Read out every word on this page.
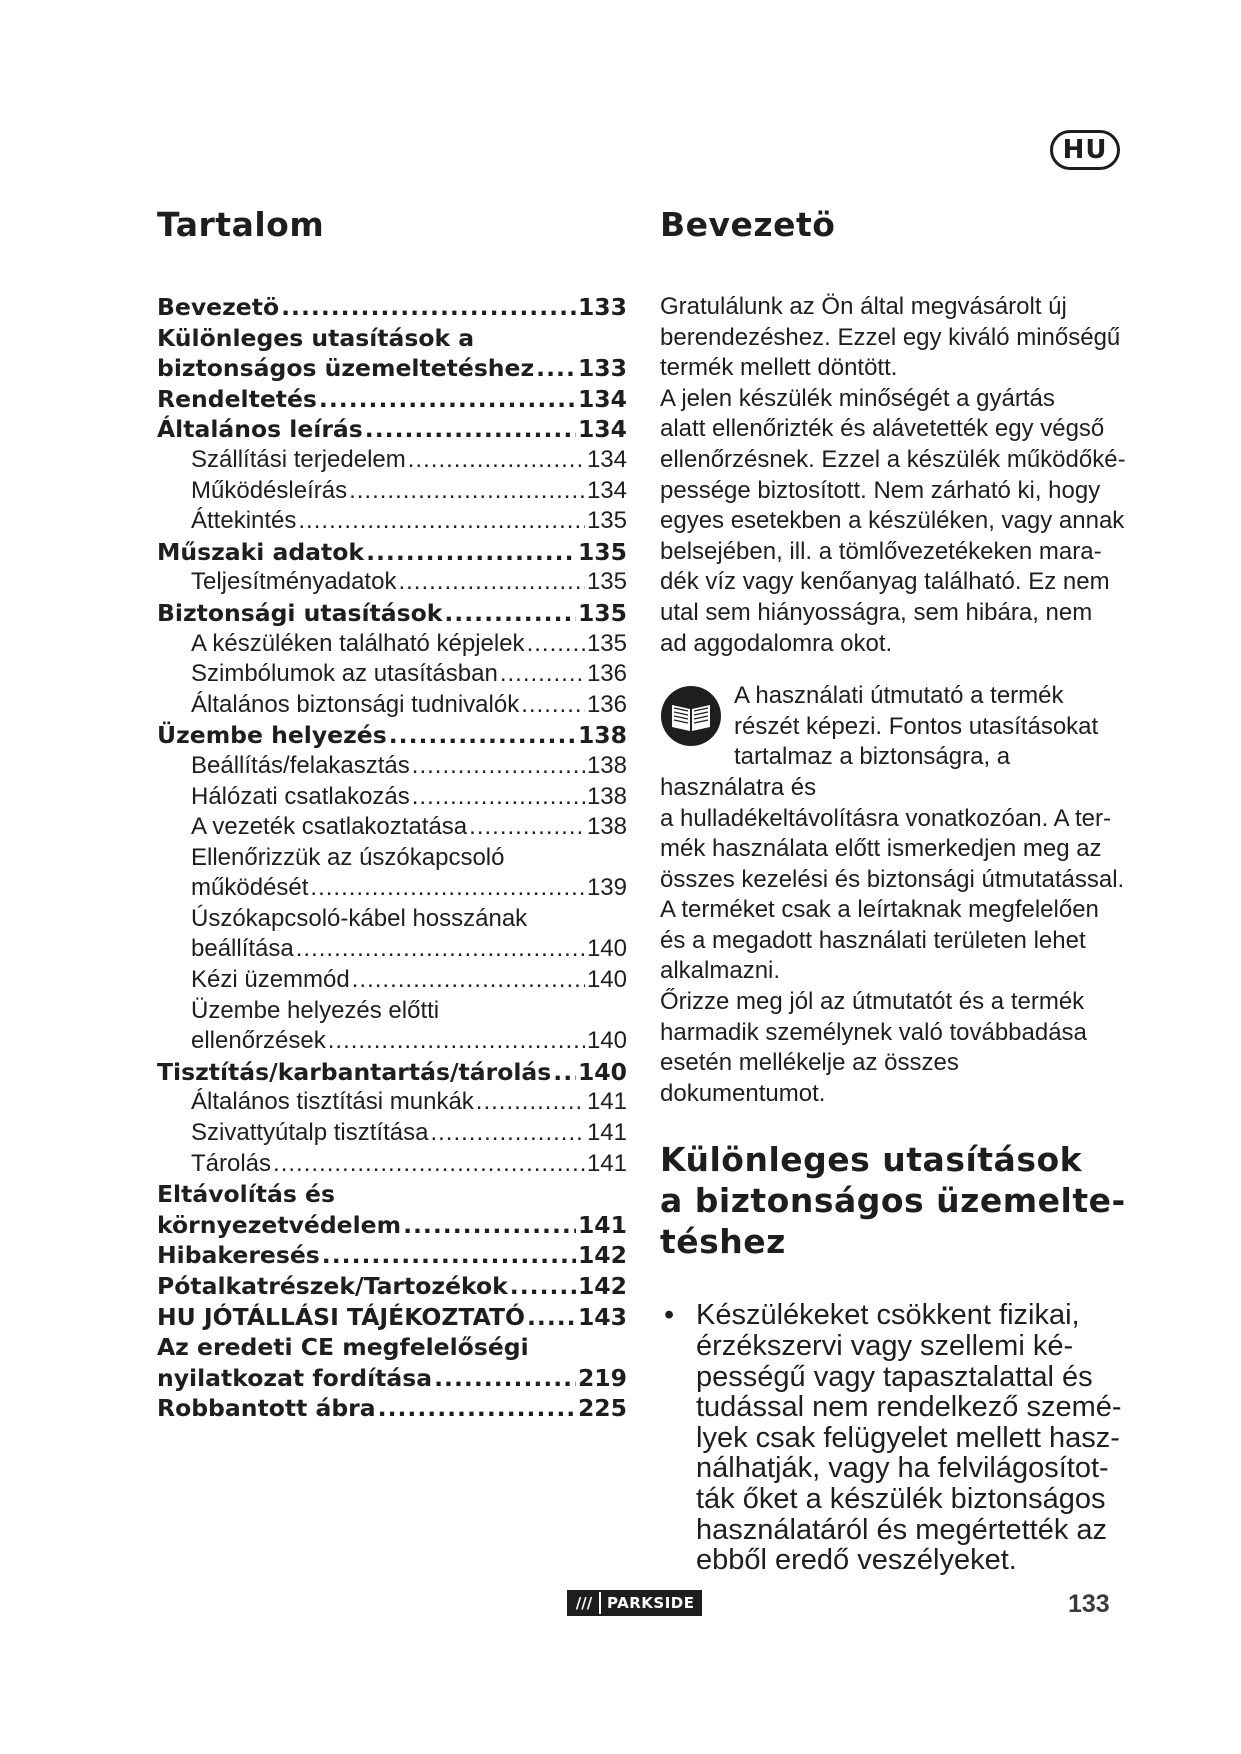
HU
Tartalom
Bevezetö .....	133
Különleges utasítások a
biztonságos üzemeltetéshez ..... 133
Rendeltetés .....	134
Általános leírás .....	134
Szállítási terjedelem .....	134
Működésleírás .....	134
Áttekintés .....	135
Műszaki adatok .....	135
Teljesítményadatok .....	135
Biztonsági utasítások .....	135
A készüléken található képjelek .....	135
Szimbólumok az utasításban .....	136
Általános biztonsági tudnivalók .....	136
Üzembe helyezés .....	138
Beállítás/felakasztás .....	138
Hálózati csatlakozás .....	138
A vezeték csatlakoztatása .....	138
Ellenőrizzük az úszókapcsoló
működését .....	139
Úszókapcsoló-kábel hosszának
beállítása .....	140
Kézi üzemmód .....	140
Üzembe helyezés előtti
ellenőrzések .....	140
Tisztítás/karbantartás/tárolás ..... 140
Általános tisztítási munkák .....	141
Szivattyútalp tisztítása .....	141
Tárolás .....	141
Eltávolítás és
környezetvédelem .....	141
Hibakeresés .....	142
Pótalkatrészek/Tartozékok .....	142
HU JÓTÁLLÁSI TÁJÉKOZTATÓ ..... 143
Az eredeti CE megfelelőségi
nyilatkozat fordítása .....	219
Robbantott ábra .....	225
Bevezetö

Gratulálunk az Ön által megvásárolt új

berendezéshez. Ezzel egy kiváló minőségű

termék mellett döntött.

A jelen készülék minőségét a gyártás

alatt ellenőrizték és alávetették egy végső

ellenőrzésnek. Ezzel a készülék működőké-

pessége biztosított. Nem zárható ki, hogy

egyes esetekben a készüléken, vagy annak

belsejében, ill. a tömlővezetékeken mara-

dék víz vagy kenőanyag található. Ez nem

utal sem hiányosságra, sem hibára, nem

ad aggodalomra okot.

A használati útmutató a termék

részét képezi. Fontos utasításokat

tartalmaz a biztonságra, a használatra és

a hulladékeltávolításra vonatkozóan. A ter-

mék használata előtt ismerkedjen meg az

összes kezelési és biztonsági útmutatással.

A terméket csak a leírtaknak megfelelően

és a megadott használati területen lehet

alkalmazni.

Őrizze meg jól az útmutatót és a termék

harmadik személynek való továbbadása

esetén mellékelje az összes dokumentumot.

Különleges utasítások
a biztonságos üzemelte-
téshez
• Készülékeket csökkent fizikai,
érzékszervi vagy szellemi ké-
pességű vagy tapasztalattal és
tudással nem rendelkező szemé-
lyek csak felügyelet mellett hasz-
nálhatják, vagy ha felvilágosítot-
ták őket a készülék biztonságos
használatáról és megértették az
ebből eredő veszélyeket.
/// PARKSIDE	133
